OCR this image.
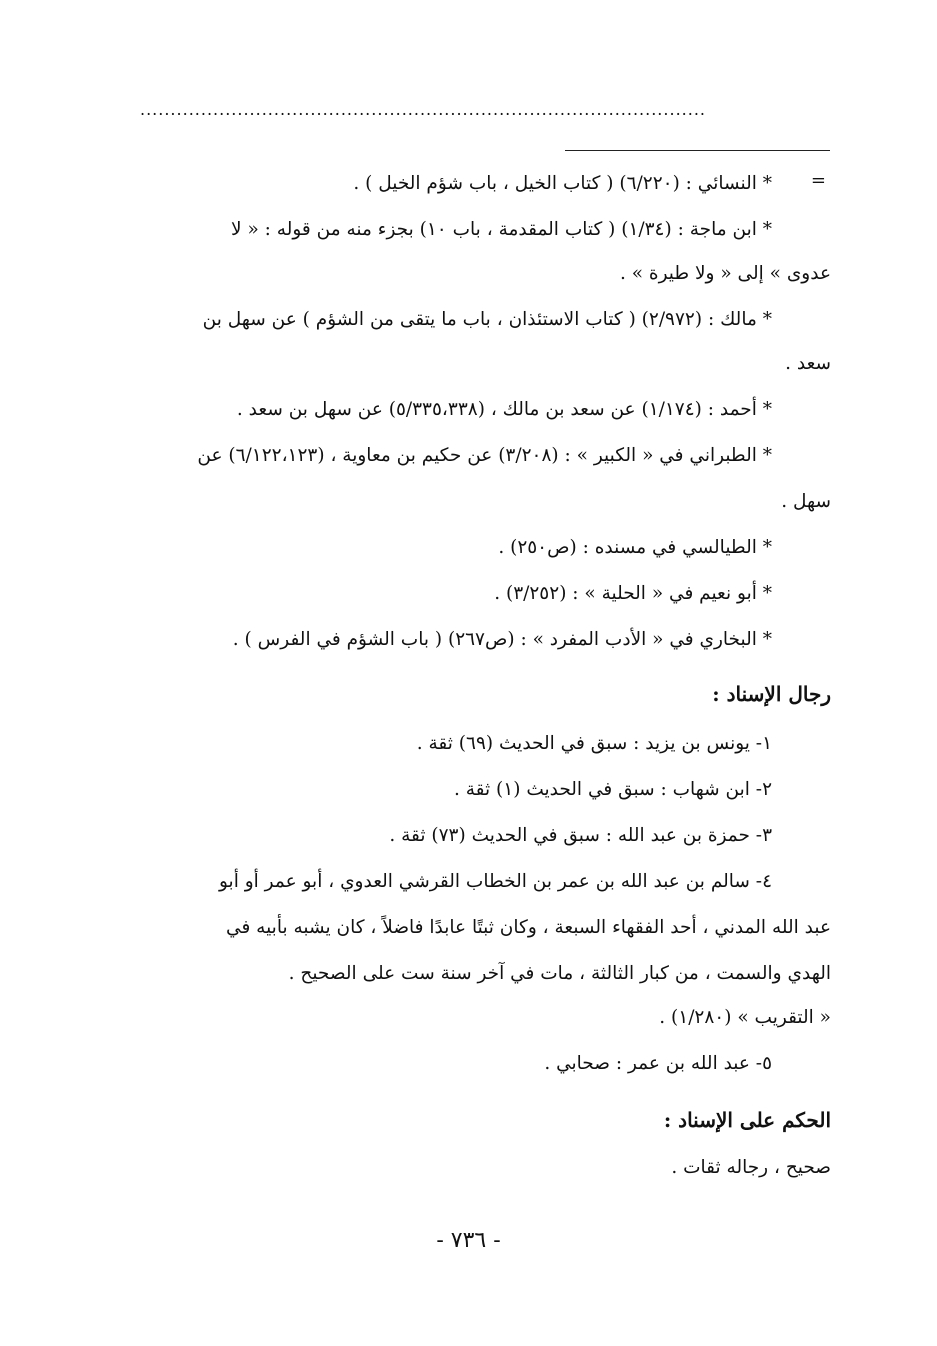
.............................................................................................
=
* النسائي : (٦/٢٢٠) ( كتاب الخيل ، باب شؤم الخيل ) .
* ابن ماجة : (١/٣٤) ( كتاب المقدمة ، باب ١٠) بجزء منه من قوله : « لا
عدوى » إلى « ولا طيرة » .
* مالك : (٢/٩٧٢) ( كتاب الاستئذان ، باب ما يتقى من الشؤم ) عن سهل بن
سعد .
* أحمد : (١/١٧٤) عن سعد بن مالك ، (٥/٣٣٥،٣٣٨) عن سهل بن سعد .
* الطبراني في « الكبير » : (٣/٢٠٨) عن حكيم بن معاوية ، (٦/١٢٢،١٢٣) عن
سهل .
* الطيالسي في مسنده : (ص٢٥٠) .
* أبو نعيم في « الحلية » : (٣/٢٥٢) .
* البخاري في « الأدب المفرد » : (ص٢٦٧) ( باب الشؤم في الفرس ) .
رجال الإسناد :
١- يونس بن يزيد : سبق في الحديث (٦٩) ثقة .
٢- ابن شهاب : سبق في الحديث (١) ثقة .
٣- حمزة بن عبد الله : سبق في الحديث (٧٣) ثقة .
٤- سالم بن عبد الله بن عمر بن الخطاب القرشي العدوي ، أبو عمر أو أبو
عبد الله المدني ، أحد الفقهاء السبعة ، وكان ثبتًا عابدًا فاضلاً ، كان يشبه بأبيه في
الهدي والسمت ، من كبار الثالثة ، مات في آخر سنة ست على الصحيح .
« التقريب » (١/٢٨٠) .
٥- عبد الله بن عمر : صحابي .
الحكم على الإسناد :
صحيح ، رجاله ثقات .
- ٧٣٦ -
